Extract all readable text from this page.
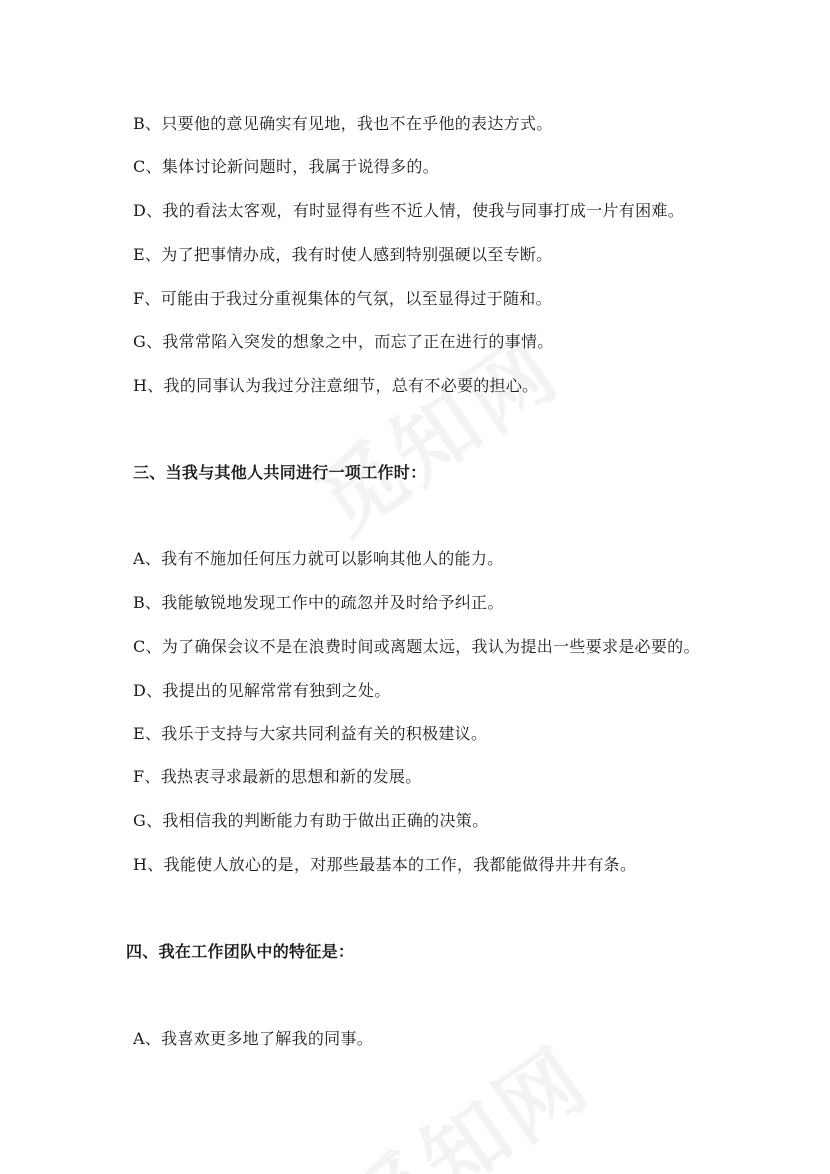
B、只要他的意见确实有见地，我也不在乎他的表达方式。
C、集体讨论新问题时，我属于说得多的。
D、我的看法太客观，有时显得有些不近人情，使我与同事打成一片有困难。
E、为了把事情办成，我有时使人感到特别强硬以至专断。
F、可能由于我过分重视集体的气氛，以至显得过于随和。
G、我常常陷入突发的想象之中，而忘了正在进行的事情。
H、我的同事认为我过分注意细节，总有不必要的担心。
三、当我与其他人共同进行一项工作时：
A、我有不施加任何压力就可以影响其他人的能力。
B、我能敏锐地发现工作中的疏忽并及时给予纠正。
C、为了确保会议不是在浪费时间或离题太远，我认为提出一些要求是必要的。
D、我提出的见解常常有独到之处。
E、我乐于支持与大家共同利益有关的积极建议。
F、我热衷寻求最新的思想和新的发展。
G、我相信我的判断能力有助于做出正确的决策。
H、我能使人放心的是，对那些最基本的工作，我都能做得井井有条。
四、我在工作团队中的特征是：
A、我喜欢更多地了解我的同事。
